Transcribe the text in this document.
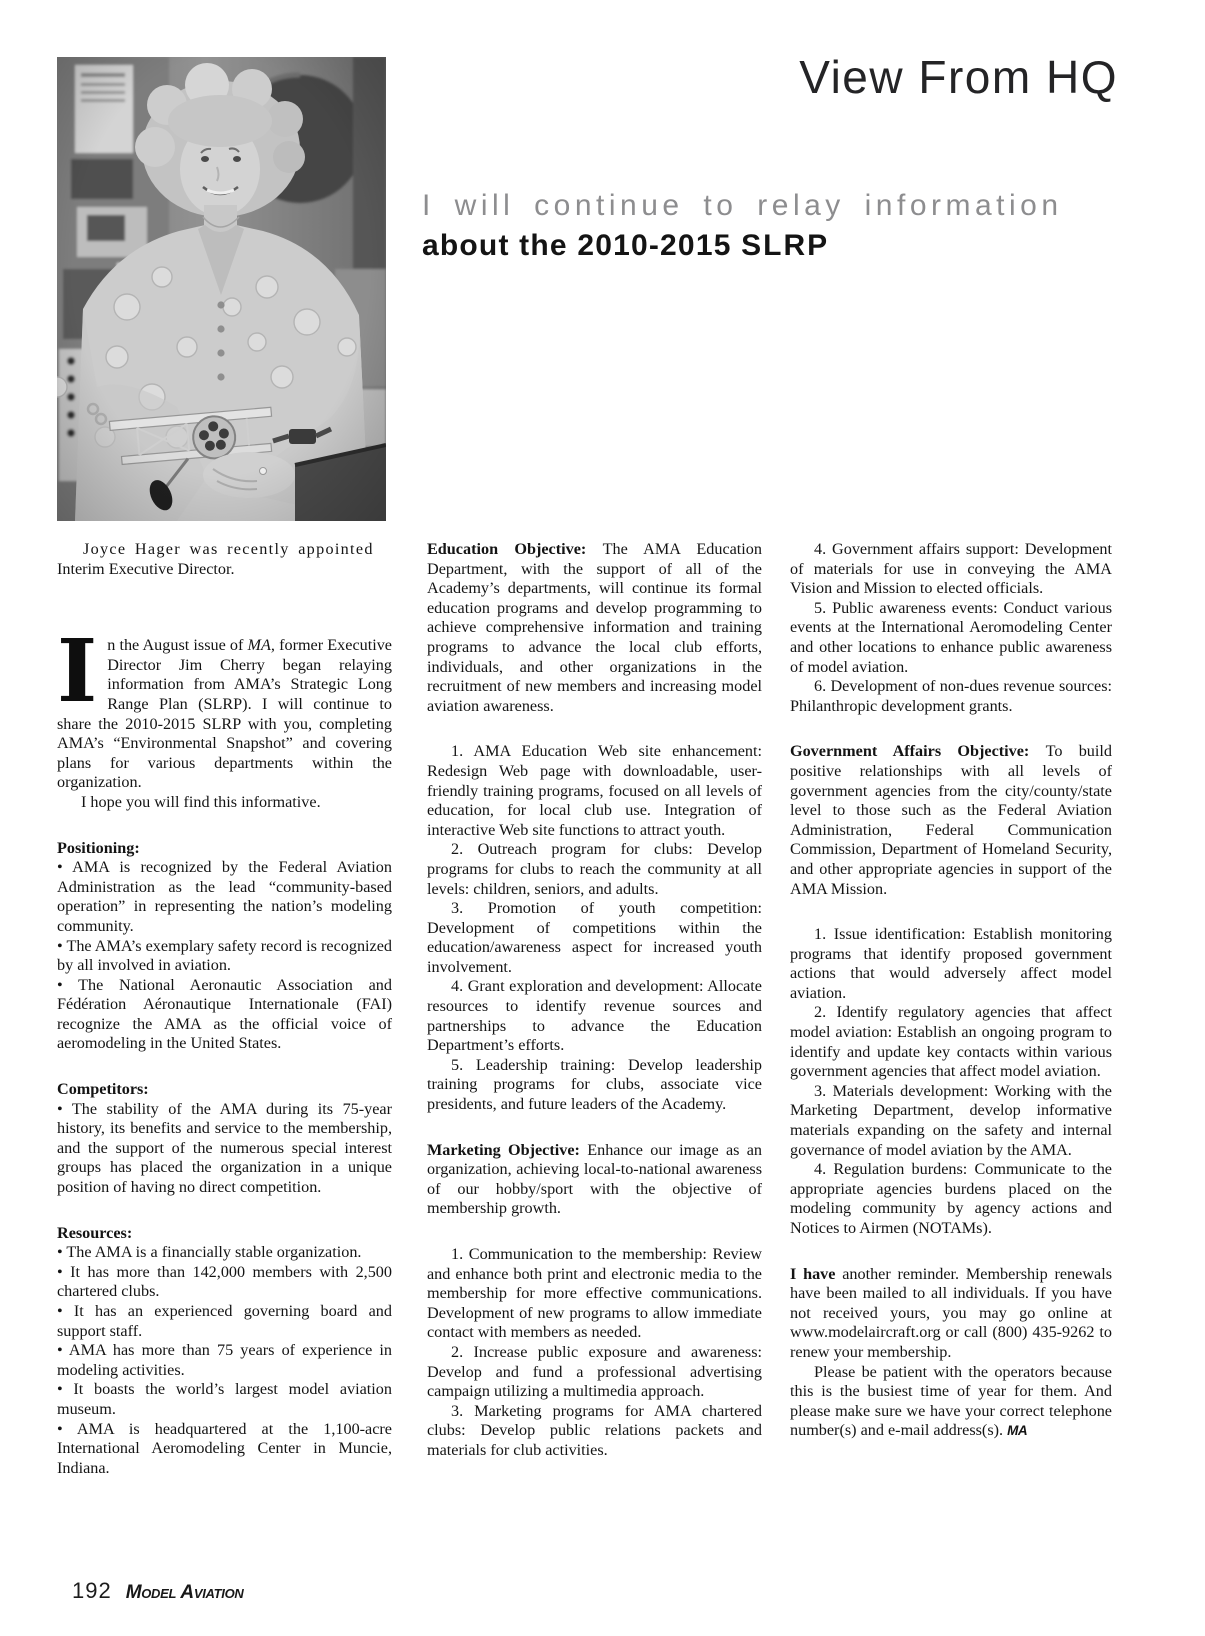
View From HQ
I will continue to relay information
about the 2010-2015 SLRP

Joyce Hager was recently appointed
Interim Executive Director.

In the August issue of MA, former Executive Director Jim Cherry began relaying information from AMA’s Strategic Long Range Plan (SLRP). I will continue to share the 2010-2015 SLRP with you, completing AMA’s “Environmental Snapshot” and covering plans for various departments within the organization.

I hope you will find this informative.

Positioning:

• AMA is recognized by the Federal Aviation Administration as the lead “community-based operation” in representing the nation’s modeling community.

• The AMA’s exemplary safety record is recognized by all involved in aviation.

• The National Aeronautic Association and Fédération Aéronautique Internationale (FAI) recognize the AMA as the official voice of aeromodeling in the United States.

Competitors:

• The stability of the AMA during its 75-year history, its benefits and service to the membership, and the support of the numerous special interest groups has placed the organization in a unique position of having no direct competition.

Resources:

• The AMA is a financially stable organization.

• It has more than 142,000 members with 2,500 chartered clubs.

• It has an experienced governing board and support staff.

• AMA has more than 75 years of experience in modeling activities.

• It boasts the world’s largest model aviation museum.

• AMA is headquartered at the 1,100-acre International Aeromodeling Center in Muncie, Indiana.

Education Objective: The AMA Education Department, with the support of all of the Academy’s departments, will continue its formal education programs and develop programming to achieve comprehensive information and training programs to advance the local club efforts, individuals, and other organizations in the recruitment of new members and increasing model aviation awareness.

1. AMA Education Web site enhancement: Redesign Web page with downloadable, user-friendly training programs, focused on all levels of education, for local club use. Integration of interactive Web site functions to attract youth.

2. Outreach program for clubs: Develop programs for clubs to reach the community at all levels: children, seniors, and adults.

3. Promotion of youth competition: Development of competitions within the education/awareness aspect for increased youth involvement.

4. Grant exploration and development: Allocate resources to identify revenue sources and partnerships to advance the Education Department’s efforts.

5. Leadership training: Develop leadership training programs for clubs, associate vice presidents, and future leaders of the Academy.

Marketing Objective: Enhance our image as an organization, achieving local-to-national awareness of our hobby/sport with the objective of membership growth.

1. Communication to the membership: Review and enhance both print and electronic media to the membership for more effective communications. Development of new programs to allow immediate contact with members as needed.

2. Increase public exposure and awareness: Develop and fund a professional advertising campaign utilizing a multimedia approach.

3. Marketing programs for AMA chartered clubs: Develop public relations packets and materials for club activities.

4. Government affairs support: Development of materials for use in conveying the AMA Vision and Mission to elected officials.

5. Public awareness events: Conduct various events at the International Aeromodeling Center and other locations to enhance public awareness of model aviation.

6. Development of non-dues revenue sources: Philanthropic development grants.

Government Affairs Objective: To build positive relationships with all levels of government agencies from the city/county/state level to those such as the Federal Aviation Administration, Federal Communication Commission, Department of Homeland Security, and other appropriate agencies in support of the AMA Mission.

1. Issue identification: Establish monitoring programs that identify proposed government actions that would adversely affect model aviation.

2. Identify regulatory agencies that affect model aviation: Establish an ongoing program to identify and update key contacts within various government agencies that affect model aviation.

3. Materials development: Working with the Marketing Department, develop informative materials expanding on the safety and internal governance of model aviation by the AMA.

4. Regulation burdens: Communicate to the appropriate agencies burdens placed on the modeling community by agency actions and Notices to Airmen (NOTAMs).

I have another reminder. Membership renewals have been mailed to all individuals. If you have not received yours, you may go online at www.modelaircraft.org or call (800) 435-9262 to renew your membership.

Please be patient with the operators because this is the busiest time of year for them. And please make sure we have your correct telephone number(s) and e-mail address(s). MA

192 Model Aviation
